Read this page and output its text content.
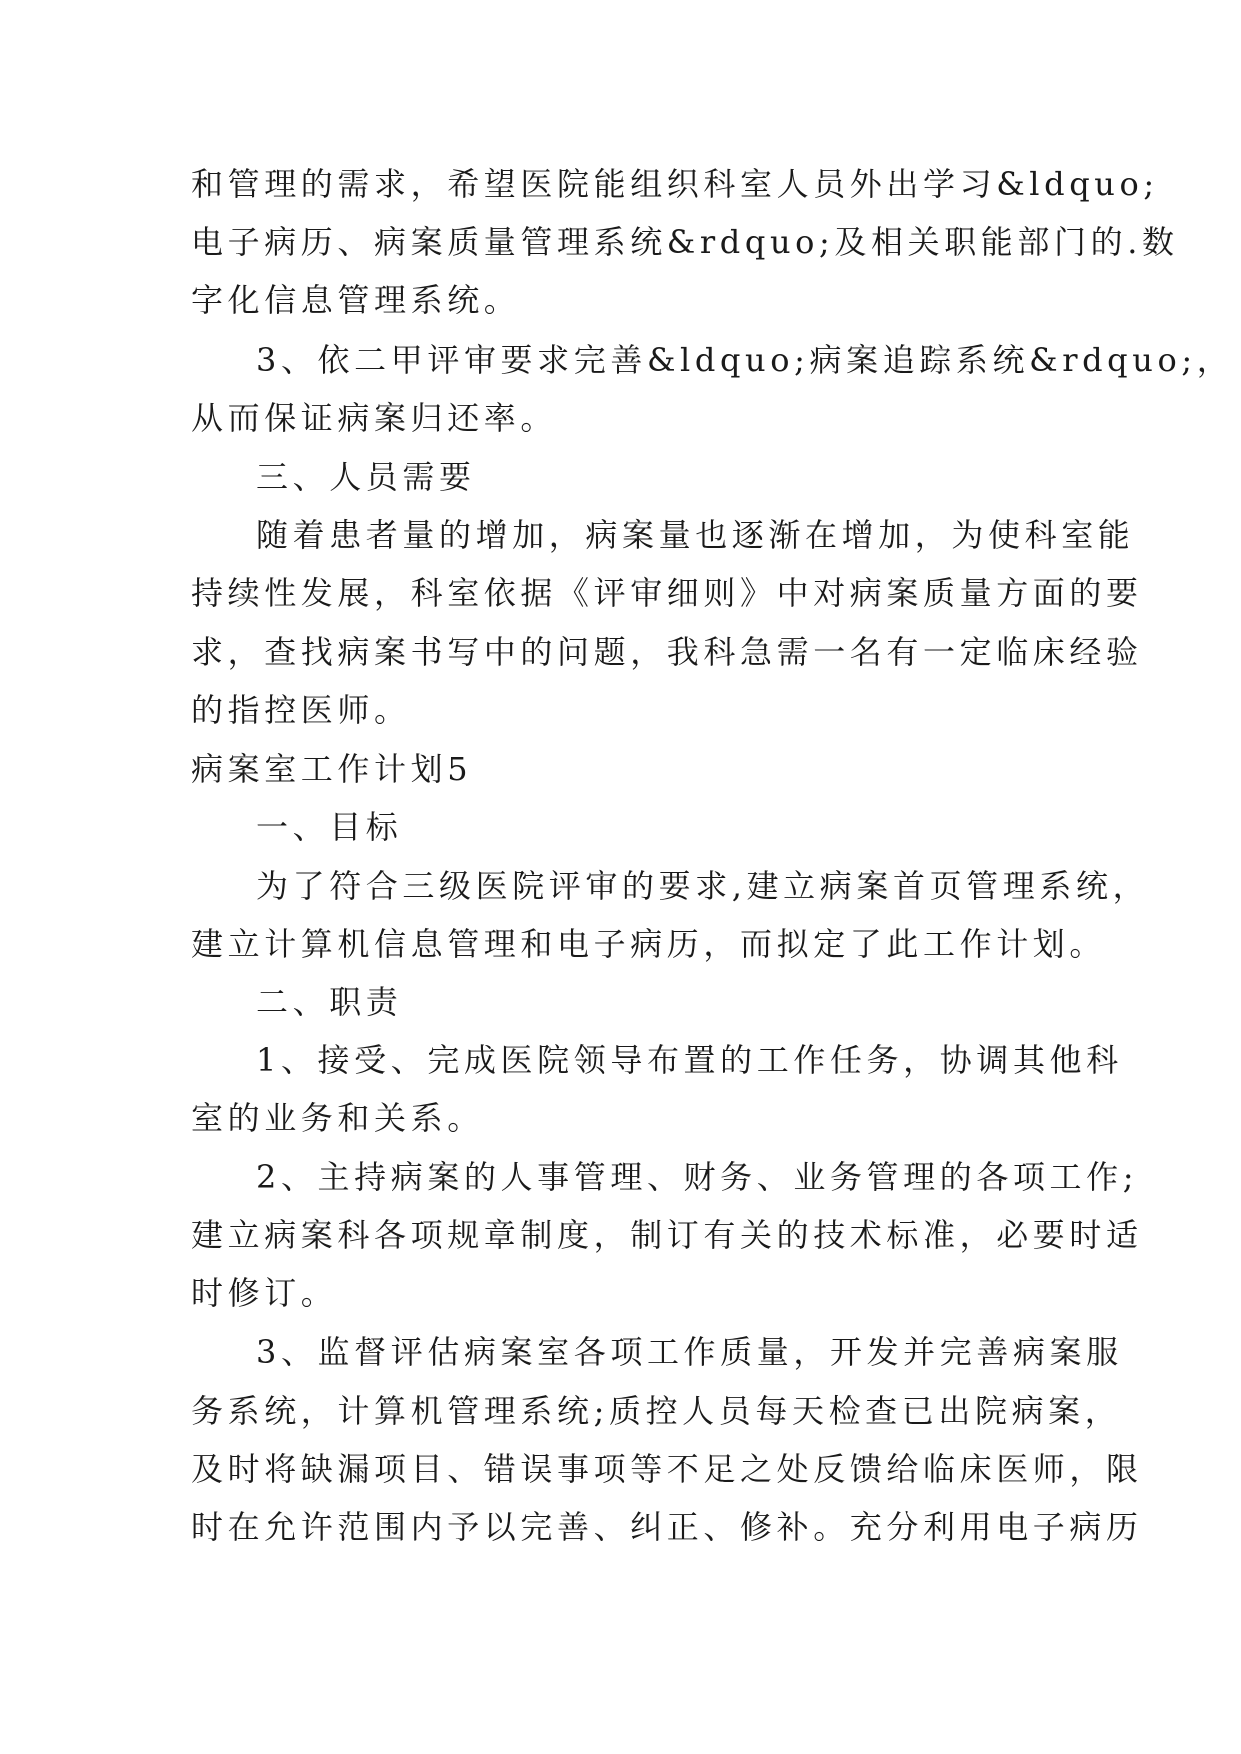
和管理的需求，希望医院能组织科室人员外出学习&ldquo;
电子病历、病案质量管理系统&rdquo;及相关职能部门的.数
字化信息管理系统。
3、依二甲评审要求完善&ldquo;病案追踪系统&rdquo;，
从而保证病案归还率。
三、人员需要
随着患者量的增加，病案量也逐渐在增加，为使科室能
持续性发展，科室依据《评审细则》中对病案质量方面的要
求，查找病案书写中的问题，我科急需一名有一定临床经验
的指控医师。
病案室工作计划5
一、目标
为了符合三级医院评审的要求,建立病案首页管理系统，
建立计算机信息管理和电子病历，而拟定了此工作计划。
二、职责
1、接受、完成医院领导布置的工作任务，协调其他科
室的业务和关系。
2、主持病案的人事管理、财务、业务管理的各项工作;
建立病案科各项规章制度，制订有关的技术标准，必要时适
时修订。
3、监督评估病案室各项工作质量，开发并完善病案服
务系统，计算机管理系统;质控人员每天检查已出院病案，
及时将缺漏项目、错误事项等不足之处反馈给临床医师，限
时在允许范围内予以完善、纠正、修补。充分利用电子病历
